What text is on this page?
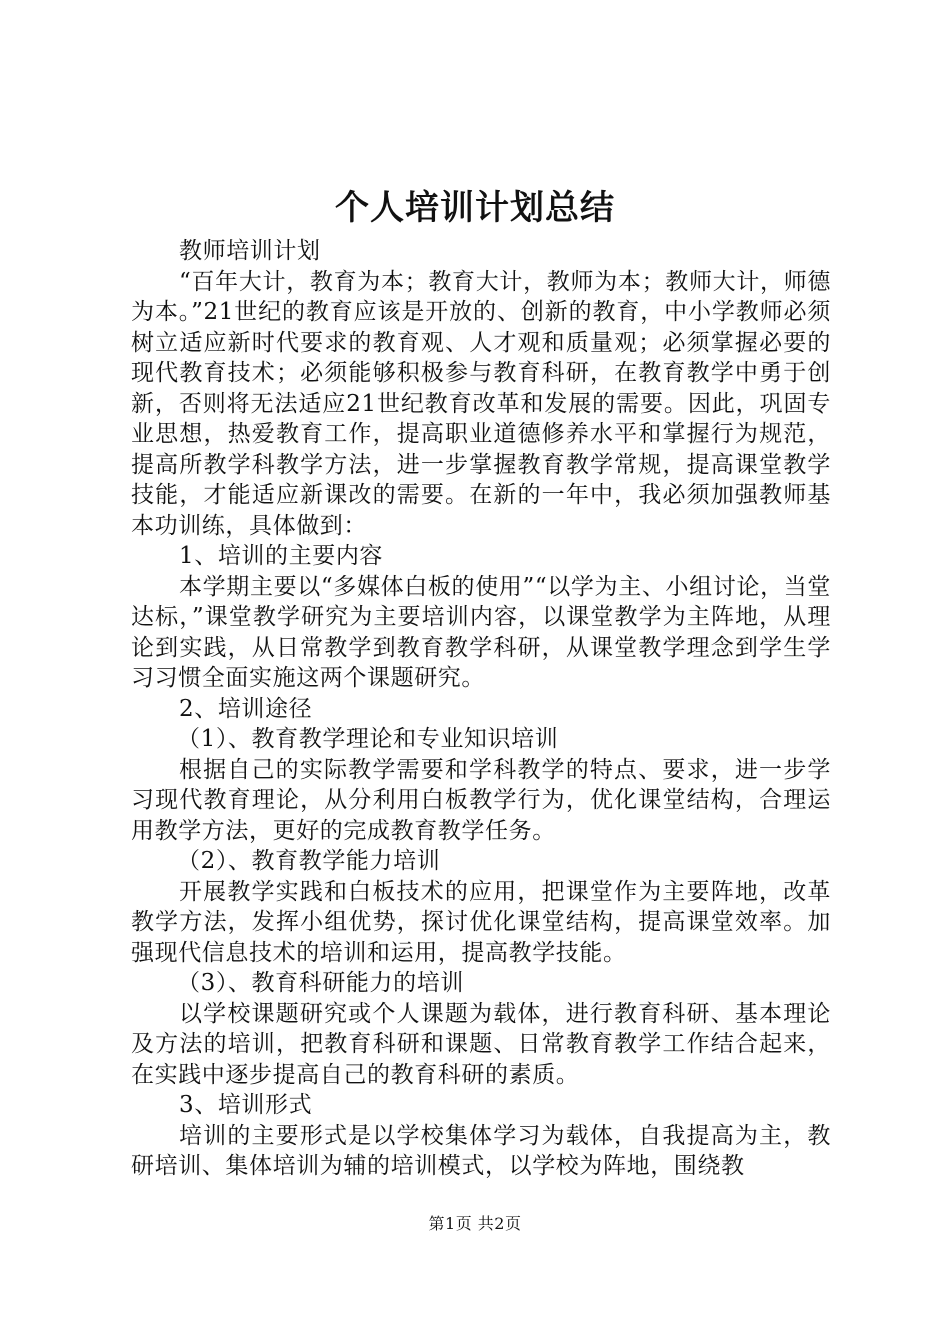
个人培训计划总结

教师培训计划

“百年大计，教育为本；教育大计，教师为本；教师大计，师德为本。”21世纪的教育应该是开放的、创新的教育，中小学教师必须树立适应新时代要求的教育观、人才观和质量观；必须掌握必要的现代教育技术；必须能够积极参与教育科研，在教育教学中勇于创新，否则将无法适应21世纪教育改革和发展的需要。因此，巩固专业思想，热爱教育工作，提高职业道德修养水平和掌握行为规范，提高所教学科教学方法，进一步掌握教育教学常规，提高课堂教学技能，才能适应新课改的需要。在新的一年中，我必须加强教师基本功训练，具体做到：

1、培训的主要内容

本学期主要以“多媒体白板的使用”“以学为主、小组讨论，当堂达标，”课堂教学研究为主要培训内容，以课堂教学为主阵地，从理论到实践，从日常教学到教育教学科研，从课堂教学理念到学生学习习惯全面实施这两个课题研究。

2、培训途径

（1）、教育教学理论和专业知识培训

根据自己的实际教学需要和学科教学的特点、要求，进一步学习现代教育理论，从分利用白板教学行为，优化课堂结构，合理运用教学方法，更好的完成教育教学任务。

（2）、教育教学能力培训

开展教学实践和白板技术的应用，把课堂作为主要阵地，改革教学方法，发挥小组优势，探讨优化课堂结构，提高课堂效率。加强现代信息技术的培训和运用，提高教学技能。

（3）、教育科研能力的培训

以学校课题研究或个人课题为载体，进行教育科研、基本理论及方法的培训，把教育科研和课题、日常教育教学工作结合起来，在实践中逐步提高自己的教育科研的素质。

3、培训形式

培训的主要形式是以学校集体学习为载体，自我提高为主，教研培训、集体培训为辅的培训模式，以学校为阵地，围绕教

第1页 共2页
